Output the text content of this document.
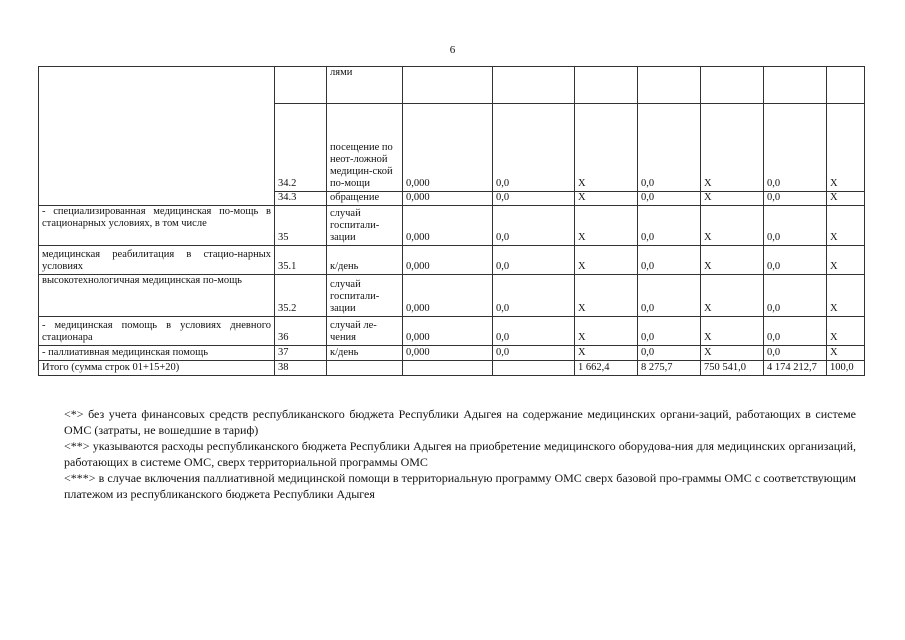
6
		лями							
	34.2	посещение по неот-ложной медицин-ской по-мощи	0,000	0,0	X	0,0	X	0,0	X
	34.3	обращение	0,000	0,0	X	0,0	X	0,0	X
- специализированная медицинская по-мощь в стационарных условиях, в том числе	35	случай госпитали-зации	0,000	0,0	X	0,0	X	0,0	X
медицинская реабилитация в стацио-нарных условиях	35.1	к/день	0,000	0,0	X	0,0	X	0,0	X
высокотехнологичная медицинская по-мощь	35.2	случай госпитали-зации	0,000	0,0	X	0,0	X	0,0	X
- медицинская помощь в условиях дневного стационара	36	случай ле-чения	0,000	0,0	X	0,0	X	0,0	X
- паллиативная медицинская помощь	37	к/день	0,000	0,0	X	0,0	X	0,0	X
Итого (сумма строк 01+15+20)	38				1 662,4	8 275,7	750 541,0	4 174 212,7	100,0

<*> без учета финансовых средств республиканского бюджета Республики Адыгея на содержание медицинских органи-заций, работающих в системе ОМС (затраты, не вошедшие в тариф)

<**> указываются расходы республиканского бюджета Республики Адыгея на приобретение медицинского оборудова-ния для медицинских организаций, работающих в системе ОМС, сверх территориальной программы ОМС

<***> в случае включения паллиативной медицинской помощи в территориальную программу ОМС сверх базовой про-граммы ОМС с соответствующим платежом из республиканского бюджета Республики Адыгея
